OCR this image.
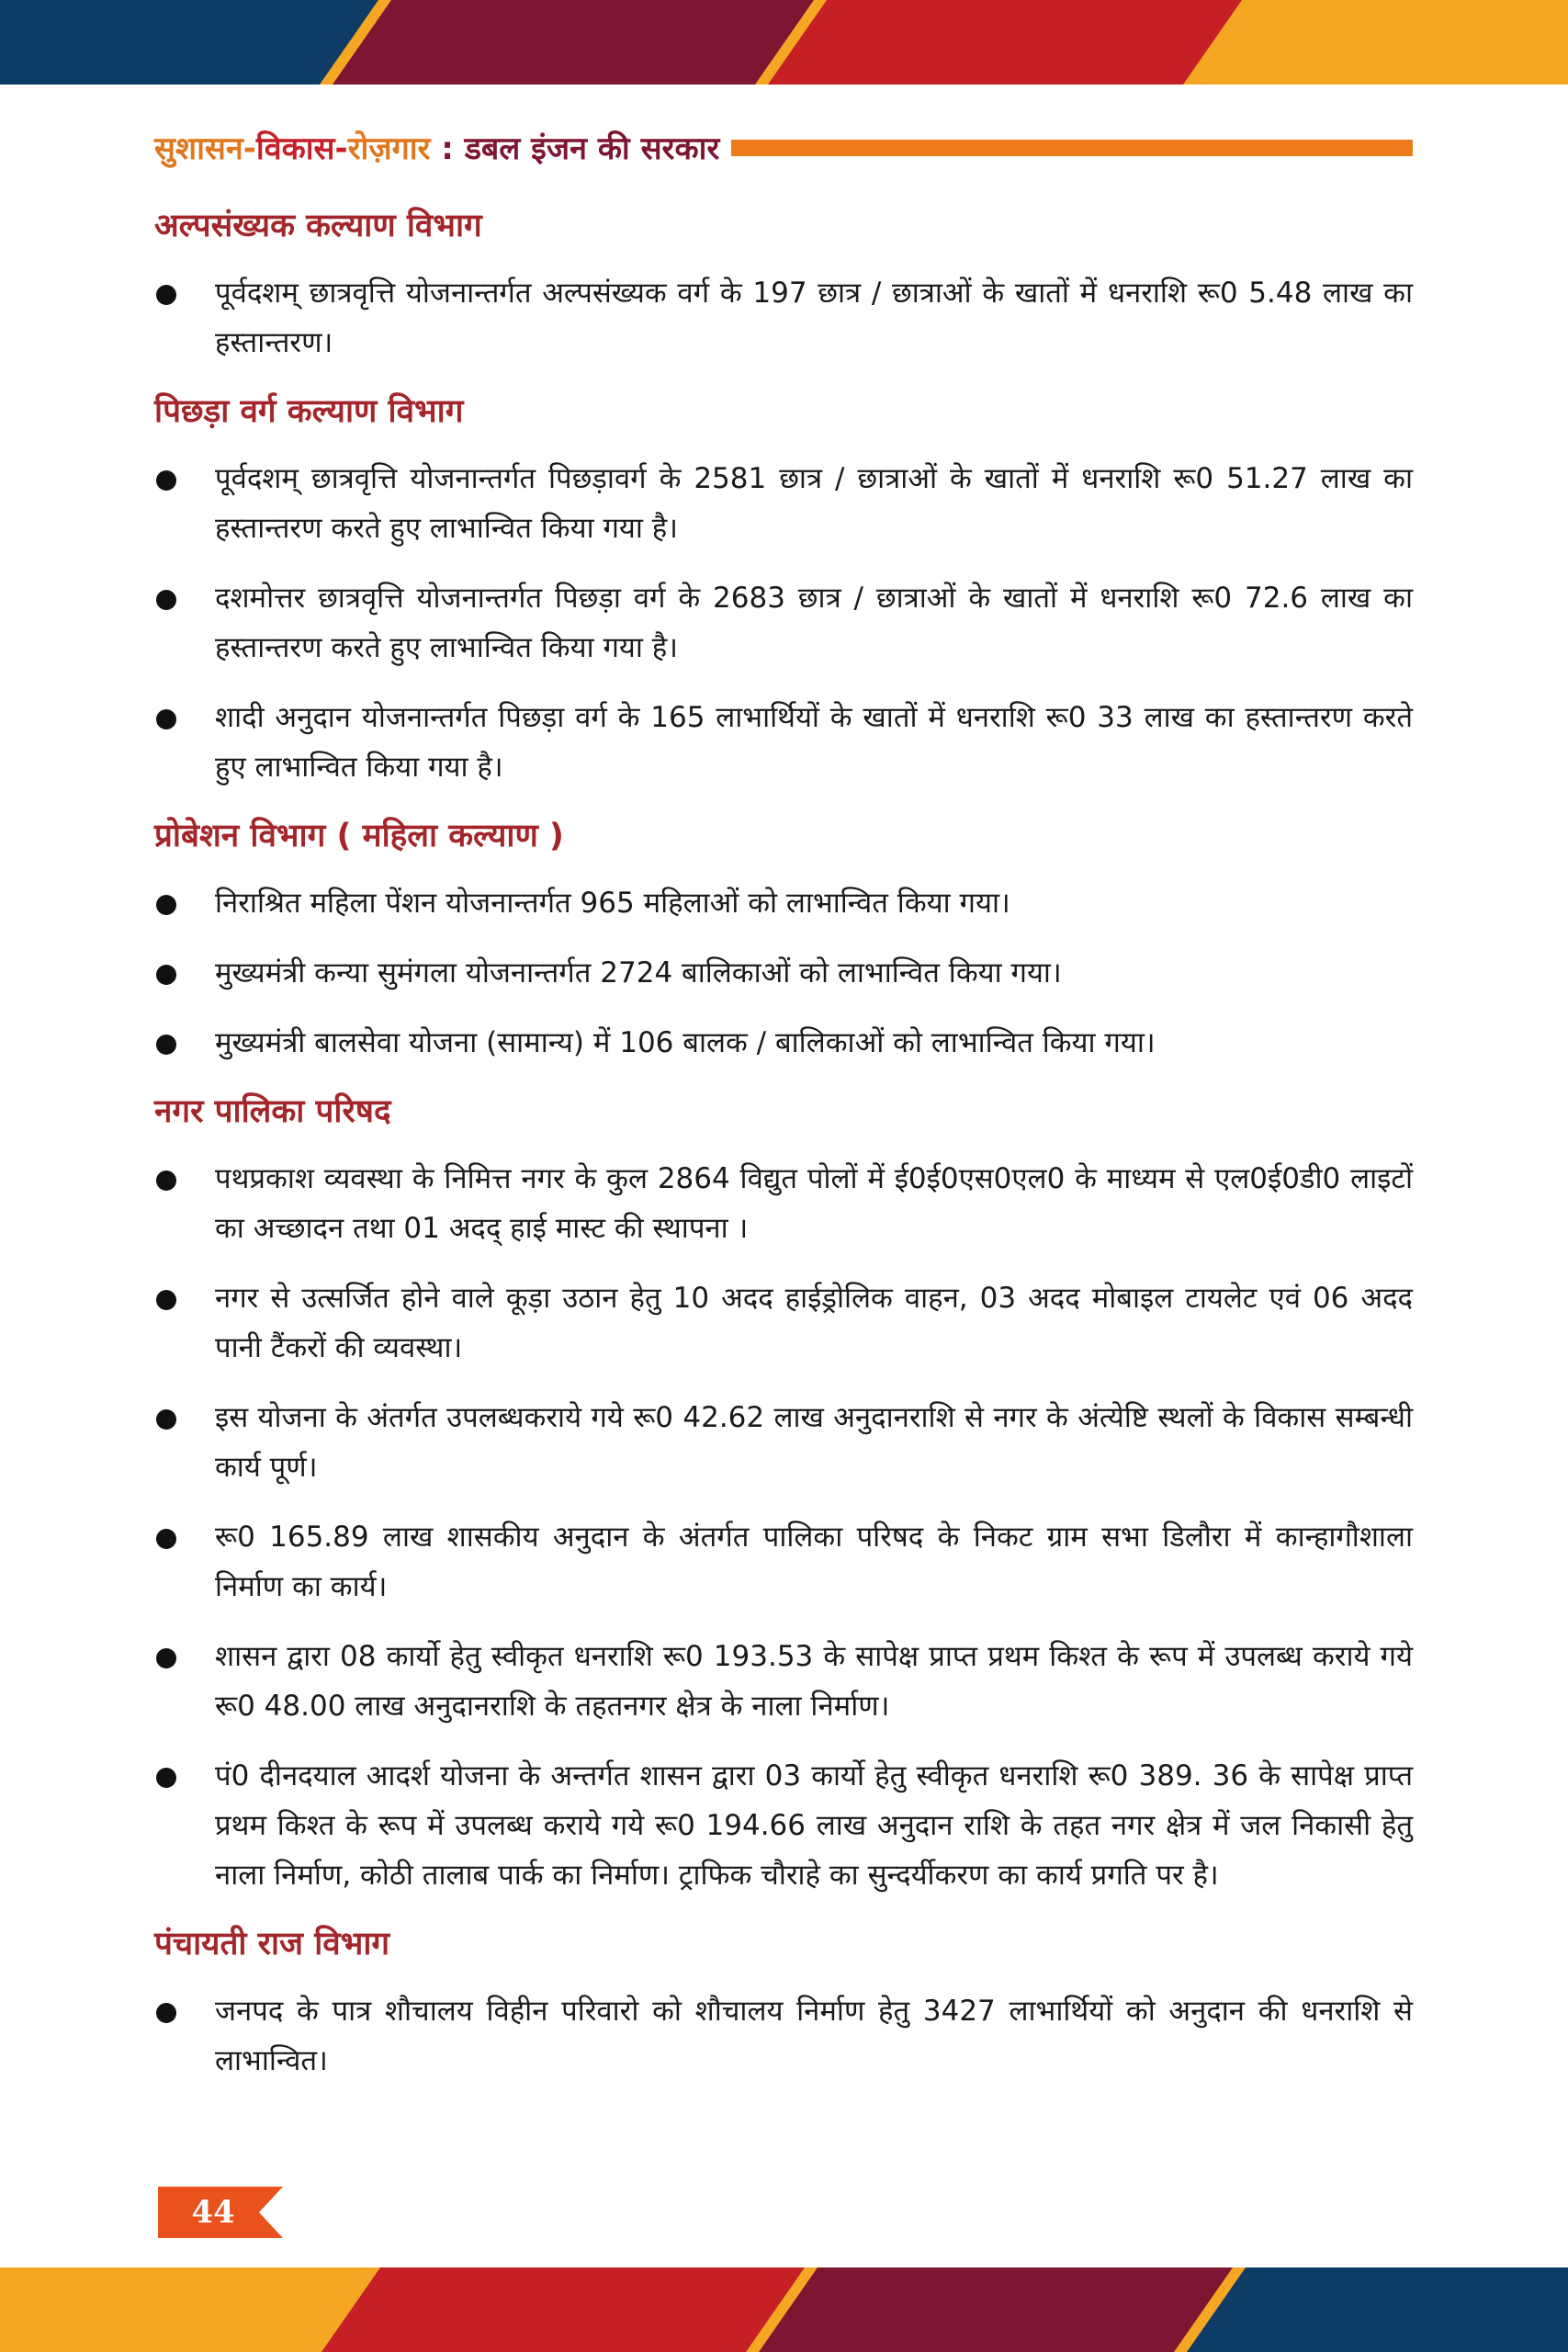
सुशासन-विकास-रोज़गार : डबल इंजन की सरकार
अल्पसंख्यक कल्याण विभाग
पूर्वदशम् छात्रवृत्ति योजनान्तर्गत अल्पसंख्यक वर्ग के 197 छात्र / छात्राओं के खातों में धनराशि रू0 5.48 लाख का हस्तान्तरण।
पिछड़ा वर्ग कल्याण विभाग
पूर्वदशम् छात्रवृत्ति योजनान्तर्गत पिछड़ावर्ग के 2581 छात्र / छात्राओं के खातों में धनराशि रू0 51.27 लाख का हस्तान्तरण करते हुए लाभान्वित किया गया है।
दशमोत्तर छात्रवृत्ति योजनान्तर्गत पिछड़ा वर्ग के 2683 छात्र / छात्राओं के खातों में धनराशि रू0 72.6 लाख का हस्तान्तरण करते हुए लाभान्वित किया गया है।
शादी अनुदान योजनान्तर्गत पिछड़ा वर्ग के 165 लाभार्थियों के खातों में धनराशि रू0 33 लाख का हस्तान्तरण करते हुए लाभान्वित किया गया है।
प्रोबेशन विभाग ( महिला कल्याण )
निराश्रित महिला पेंशन योजनान्तर्गत 965 महिलाओं को लाभान्वित किया गया।
मुख्यमंत्री कन्या सुमंगला योजनान्तर्गत 2724 बालिकाओं को लाभान्वित किया गया।
मुख्यमंत्री बालसेवा योजना (सामान्य) में 106 बालक / बालिकाओं को लाभान्वित किया गया।
नगर पालिका परिषद
पथप्रकाश व्यवस्था के निमित्त नगर के कुल 2864 विद्युत पोलों में ई0ई0एस0एल0 के माध्यम से एल0ई0डी0 लाइटों का अच्छादन तथा 01 अदद् हाई मास्ट की स्थापना ।
नगर से उत्सर्जित होने वाले कूड़ा उठान हेतु 10 अदद हाईड्रोलिक वाहन, 03 अदद मोबाइल टायलेट एवं 06 अदद पानी टैंकरों की व्यवस्था।
इस योजना के अंतर्गत उपलब्धकराये गये रू0 42.62 लाख अनुदानराशि से नगर के अंत्येष्टि स्थलों के विकास सम्बन्धी कार्य पूर्ण।
रू0 165.89 लाख शासकीय अनुदान के अंतर्गत पालिका परिषद के निकट ग्राम सभा डिलौरा में कान्हागौशाला निर्माण का कार्य।
शासन द्वारा 08 कार्यो हेतु स्वीकृत धनराशि रू0 193.53 के सापेक्ष प्राप्त प्रथम किश्त के रूप में उपलब्ध कराये गये रू0 48.00 लाख अनुदानराशि के तहतनगर क्षेत्र के नाला निर्माण।
पं0 दीनदयाल आदर्श योजना के अन्तर्गत शासन द्वारा 03 कार्यो हेतु स्वीकृत धनराशि रू0 389. 36 के सापेक्ष प्राप्त प्रथम किश्त के रूप में उपलब्ध कराये गये रू0 194.66 लाख अनुदान राशि के तहत नगर क्षेत्र में जल निकासी हेतु नाला निर्माण, कोठी तालाब पार्क का निर्माण। ट्राफिक चौराहे का सुन्दर्यीकरण का कार्य प्रगति पर है।
पंचायती राज विभाग
जनपद के पात्र शौचालय विहीन परिवारो को शौचालय निर्माण हेतु 3427 लाभार्थियों को अनुदान की धनराशि से लाभान्वित।
44
